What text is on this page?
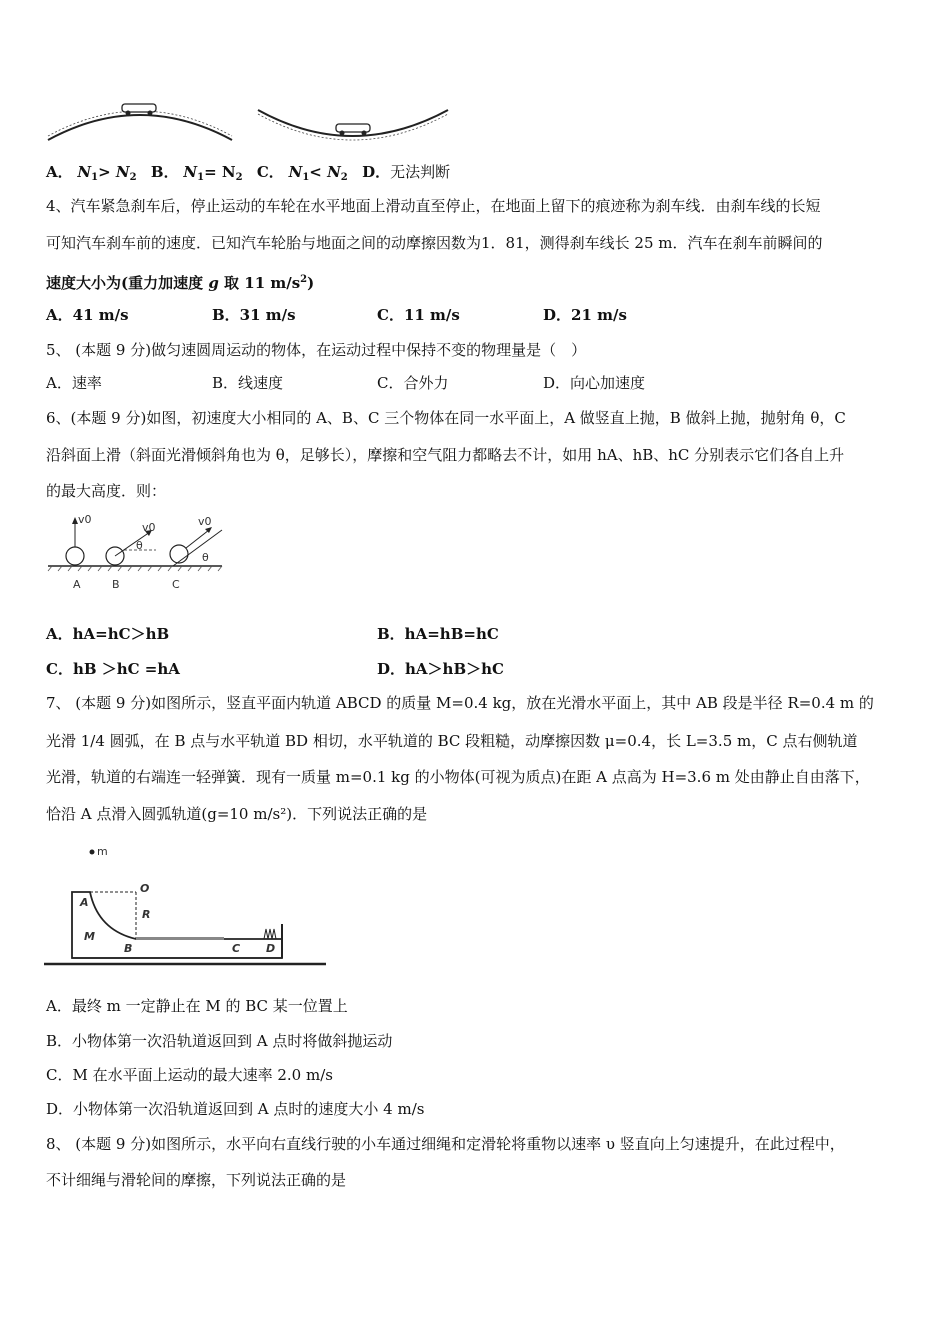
A． $N_1> N_2$ B． $N_1= N_2$ C． $N_1< N_2$ D．无法判断
4、汽车紧急刹车后，停止运动的车轮在水平地面上滑动直至停止，在地面上留下的痕迹称为刹车线．由刹车线的长短
可知汽车刹车前的速度．已知汽车轮胎与地面之间的动摩擦因数为1．81，测得刹车线长 25 m．汽车在刹车前瞬间的
速度大小为(重力加速度 g 取 11 $m/s^2$)
A．41 m/s	B．31 m/s	C．11 m/s	D．21 m/s
5、 (本题 9 分)做匀速圆周运动的物体，在运动过程中保持不变的物理量是（　）
A．速率	B．线速度	C．合外力	D．向心加速度
6、(本题 9 分)如图，初速度大小相同的 A、B、C 三个物体在同一水平面上，A 做竖直上抛，B 做斜上抛，抛射角 θ，C
沿斜面上滑（斜面光滑倾斜角也为 θ，足够长），摩擦和空气阻力都略去不计，如用 hA、hB、hC 分别表示它们各自上升
的最大高度．则：
v0
v0
θ
v0
θ
A	B	C
A．hA=hC＞hB	B．hA=hB=hC
C．hB ＞hC =hA	D．hA＞hB＞hC
7、 (本题 9 分)如图所示，竖直平面内轨道 ABCD 的质量 M=0.4 kg，放在光滑水平面上，其中 AB 段是半径 R=0.4 m 的
光滑 1/4 圆弧，在 B 点与水平轨道 BD 相切，水平轨道的 BC 段粗糙，动摩擦因数 μ=0.4，长 L=3.5 m，C 点右侧轨道
光滑，轨道的右端连一轻弹簧．现有一质量 m=0.1 kg 的小物体(可视为质点)在距 A 点高为 H=3.6 m 处由静止自由落下，
恰沿 A 点滑入圆弧轨道(g=10 m/s²)．下列说法正确的是
m
O
A
R
M
B	C D
A．最终 m 一定静止在 M 的 BC 某一位置上
B．小物体第一次沿轨道返回到 A 点时将做斜抛运动
C．M 在水平面上运动的最大速率 2.0 m/s
D．小物体第一次沿轨道返回到 A 点时的速度大小 4 m/s
8、 (本题 9 分)如图所示，水平向右直线行驶的小车通过细绳和定滑轮将重物以速率 υ 竖直向上匀速提升，在此过程中，
不计细绳与滑轮间的摩擦，下列说法正确的是
